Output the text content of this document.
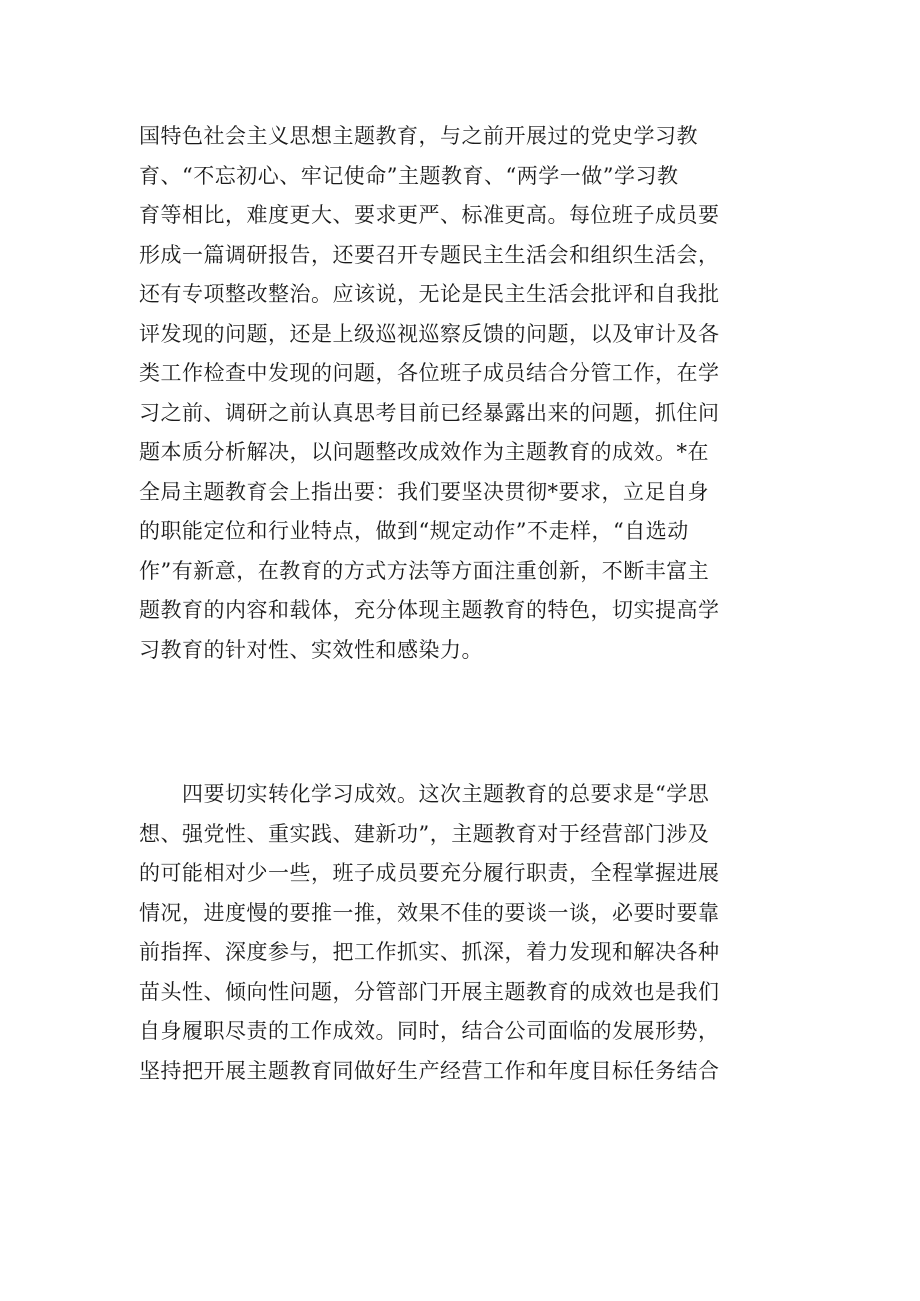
国特色社会主义思想主题教育，与之前开展过的党史学习教
育、“不忘初心、牢记使命”主题教育、“两学一做”学习教
育等相比，难度更大、要求更严、标准更高。每位班子成员要
形成一篇调研报告，还要召开专题民主生活会和组织生活会，
还有专项整改整治。应该说，无论是民主生活会批评和自我批
评发现的问题，还是上级巡视巡察反馈的问题，以及审计及各
类工作检查中发现的问题，各位班子成员结合分管工作，在学
习之前、调研之前认真思考目前已经暴露出来的问题，抓住问
题本质分析解决，以问题整改成效作为主题教育的成效。*在
全局主题教育会上指出要：我们要坚决贯彻*要求，立足自身
的职能定位和行业特点，做到“规定动作”不走样，“自选动
作”有新意，在教育的方式方法等方面注重创新，不断丰富主
题教育的内容和载体，充分体现主题教育的特色，切实提高学
习教育的针对性、实效性和感染力。
　　四要切实转化学习成效。这次主题教育的总要求是“学思
想、强党性、重实践、建新功”，主题教育对于经营部门涉及
的可能相对少一些，班子成员要充分履行职责，全程掌握进展
情况，进度慢的要推一推，效果不佳的要谈一谈，必要时要靠
前指挥、深度参与，把工作抓实、抓深，着力发现和解决各种
苗头性、倾向性问题，分管部门开展主题教育的成效也是我们
自身履职尽责的工作成效。同时，结合公司面临的发展形势，
坚持把开展主题教育同做好生产经营工作和年度目标任务结合
